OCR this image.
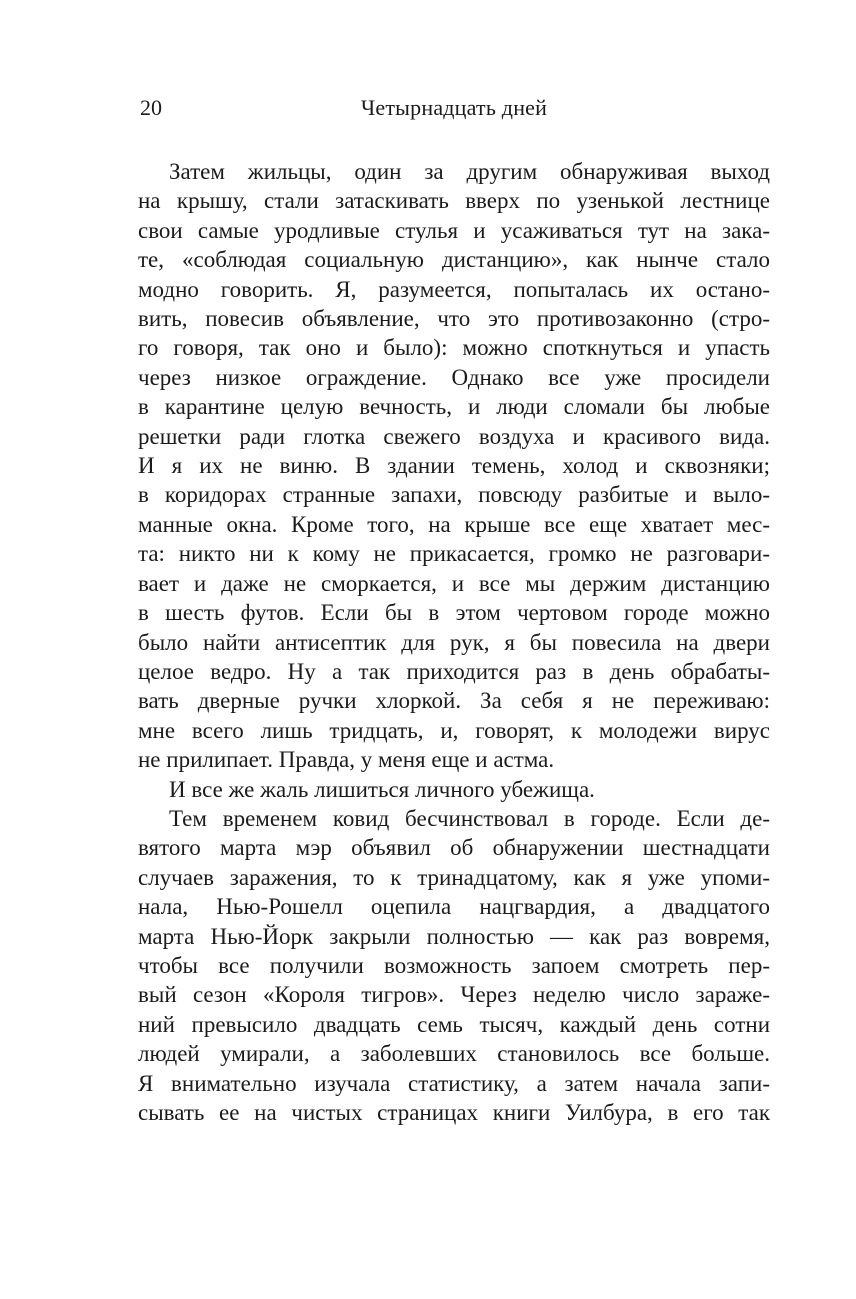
20	Четырнадцать дней
Затем жильцы, один за другим обнаруживая выход
на крышу, стали затаскивать вверх по узенькой лестнице
свои самые уродливые стулья и усаживаться тут на зака-
те, «соблюдая социальную дистанцию», как нынче стало
модно говорить. Я, разумеется, попыталась их остано-
вить, повесив объявление, что это противозаконно (стро-
го говоря, так оно и было): можно споткнуться и упасть
через низкое ограждение. Однако все уже просидели
в карантине целую вечность, и люди сломали бы любые
решетки ради глотка свежего воздуха и красивого вида.
И я их не виню. В здании темень, холод и сквозняки;
в коридорах странные запахи, повсюду разбитые и выло-
манные окна. Кроме того, на крыше все еще хватает мес-
та: никто ни к кому не прикасается, громко не разговари-
вает и даже не сморкается, и все мы держим дистанцию
в шесть футов. Если бы в этом чертовом городе можно
было найти антисептик для рук, я бы повесила на двери
целое ведро. Ну а так приходится раз в день обрабаты-
вать дверные ручки хлоркой. За себя я не переживаю:
мне всего лишь тридцать, и, говорят, к молодежи вирус
не прилипает. Правда, у меня еще и астма.
И все же жаль лишиться личного убежища.
Тем временем ковид бесчинствовал в городе. Если де-
вятого марта мэр объявил об обнаружении шестнадцати
случаев заражения, то к тринадцатому, как я уже упоми-
нала, Нью-Рошелл оцепила нацгвардия, а двадцатого
марта Нью-Йорк закрыли полностью — как раз вовремя,
чтобы все получили возможность запоем смотреть пер-
вый сезон «Короля тигров». Через неделю число зараже-
ний превысило двадцать семь тысяч, каждый день сотни
людей умирали, а заболевших становилось все больше.
Я внимательно изучала статистику, а затем начала запи-
сывать ее на чистых страницах книги Уилбура, в его так
